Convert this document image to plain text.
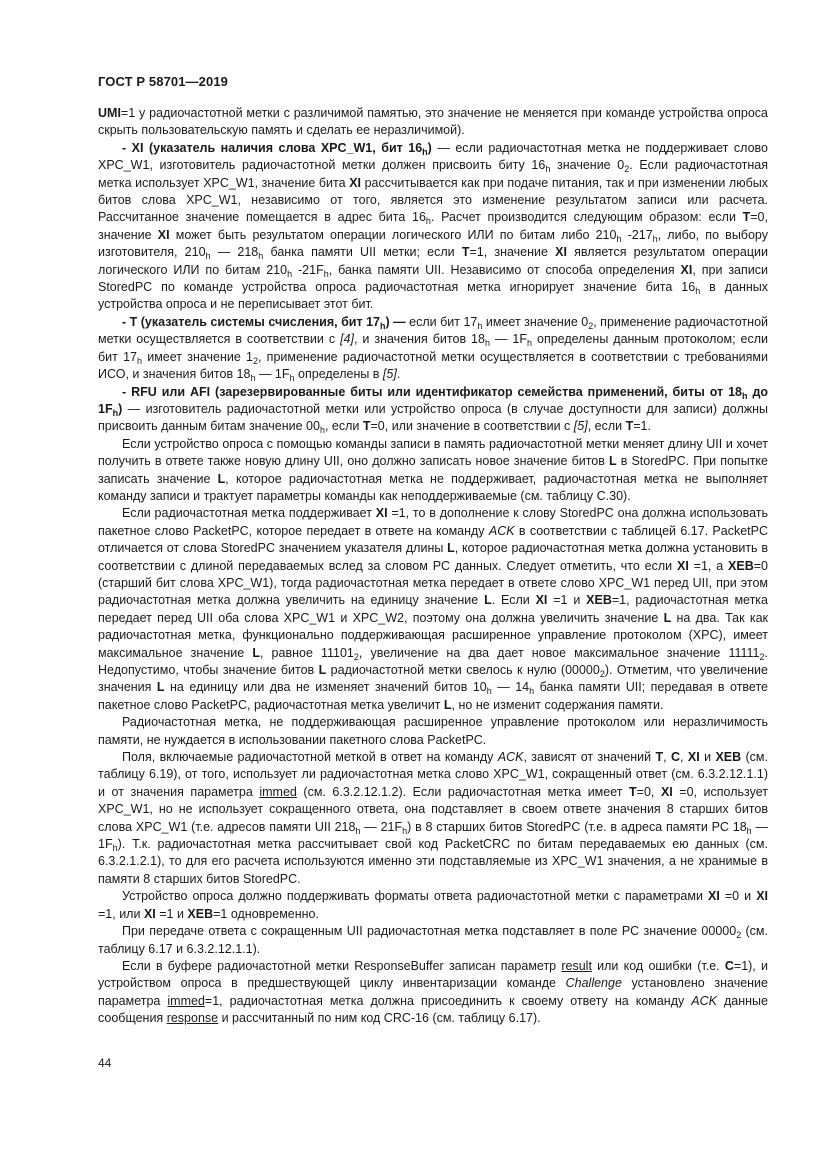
ГОСТ Р 58701—2019

UMI=1 у радиочастотной метки с различимой памятью, это значение не меняется при команде устройства опроса скрыть пользовательскую память и сделать ее неразличимой).

- XI (указатель наличия слова XPC_W1, бит $16_h$) — если радиочастотная метка не поддерживает слово XPC_W1, изготовитель радиочастотной метки должен присвоить биту $16_h$ значение $0_2$. Если радиочастотная метка использует XPC_W1, значение бита XI рассчитывается как при подаче питания, так и при изменении любых битов слова XPC_W1, независимо от того, является это изменение результатом записи или расчета. Рассчитанное значение помещается в адрес бита $16_h$. Расчет производится следующим образом: если T=0, значение XI может быть результатом операции логического ИЛИ по битам либо $210_h$ $-217_h$, либо, по выбору изготовителя, $210_h$ — $218_h$ банка памяти UII метки; если T=1, значение XI является результатом операции логического ИЛИ по битам $210_h$ $-21F_h$, банка памяти UII. Независимо от способа определения XI, при записи StoredPC по команде устройства опроса радиочастотная метка игнорирует значение бита $16_h$ в данных устройства опроса и не переписывает этот бит.

- T (указатель системы счисления, бит $17_h$) — если бит $17_h$ имеет значение $0_2$, применение радиочастотной метки осуществляется в соответствии с [4], и значения битов $18_h$ — $1F_h$ определены данным протоколом; если бит $17_h$ имеет значение $1_2$, применение радиочастотной метки осуществляется в соответствии с требованиями ИСО, и значения битов $18_h$ — $1F_h$ определены в [5].

- RFU или AFI (зарезервированные биты или идентификатор семейства применений, биты от $18_h$ до $1F_h$) — изготовитель радиочастотной метки или устройство опроса (в случае доступности для записи) должны присвоить данным битам значение $00_h$, если T=0, или значение в соответствии с [5], если T=1.

Если устройство опроса с помощью команды записи в память радиочастотной метки меняет длину UII и хочет получить в ответе также новую длину UII, оно должно записать новое значение битов L в StoredPC. При попытке записать значение L, которое радиочастотная метка не поддерживает, радиочастотная метка не выполняет команду записи и трактует параметры команды как неподдерживаемые (см. таблицу С.30).

Если радиочастотная метка поддерживает XI =1, то в дополнение к слову StoredPC она должна использовать пакетное слово PacketPC, которое передает в ответе на команду ACK в соответствии с таблицей 6.17. PacketPC отличается от слова StoredPC значением указателя длины L, которое радиочастотная метка должна установить в соответствии с длиной передаваемых вслед за словом PC данных. Следует отметить, что если XI =1, а XEB=0 (старший бит слова XPC_W1), тогда радиочастотная метка передает в ответе слово XPC_W1 перед UII, при этом радиочастотная метка должна увеличить на единицу значение L. Если XI =1 и XEB=1, радиочастотная метка передает перед UII оба слова XPC_W1 и XPC_W2, поэтому она должна увеличить значение L на два. Так как радиочастотная метка, функционально поддерживающая расширенное управление протоколом (XPC), имеет максимальное значение L, равное $11101_2$, увеличение на два дает новое максимальное значение $11111_2$. Недопустимо, чтобы значение битов L радиочастотной метки свелось к нулю $(00000_2)$. Отметим, что увеличение значения L на единицу или два не изменяет значений битов $10_h$ — $14_h$ банка памяти UII; передавая в ответе пакетное слово PacketPC, радиочастотная метка увеличит L, но не изменит содержания памяти.

Радиочастотная метка, не поддерживающая расширенное управление протоколом или неразличимость памяти, не нуждается в использовании пакетного слова PacketPC.

Поля, включаемые радиочастотной меткой в ответ на команду ACK, зависят от значений T, C, XI и XEB (см. таблицу 6.19), от того, использует ли радиочастотная метка слово XPC_W1, сокращенный ответ (см. 6.3.2.12.1.1) и от значения параметра immed (см. 6.3.2.12.1.2). Если радиочастотная метка имеет T=0, XI =0, использует XPC_W1, но не использует сокращенного ответа, она подставляет в своем ответе значения 8 старших битов слова XPC_W1 (т.е. адресов памяти UII $218_h$ — $21F_h$) в 8 старших битов StoredPC (т.е. в адреса памяти PC $18_h$ — $1F_h$). Т.к. радиочастотная метка рассчитывает свой код PacketCRC по битам передаваемых ею данных (см. 6.3.2.1.2.1), то для его расчета используются именно эти подставляемые из XPC_W1 значения, а не хранимые в памяти 8 старших битов StoredPC.

Устройство опроса должно поддерживать форматы ответа радиочастотной метки с параметрами XI =0 и XI =1, или XI =1 и XEB=1 одновременно.

При передаче ответа с сокращенным UII радиочастотная метка подставляет в поле PC значение $00000_2$ (см. таблицу 6.17 и 6.3.2.12.1.1).

Если в буфере радиочастотной метки ResponseBuffer записан параметр result или код ошибки (т.е. C=1), и устройством опроса в предшествующей циклу инвентаризации команде Challenge установлено значение параметра immed=1, радиочастотная метка должна присоединить к своему ответу на команду ACK данные сообщения response и рассчитанный по ним код CRC-16 (см. таблицу 6.17).

44
